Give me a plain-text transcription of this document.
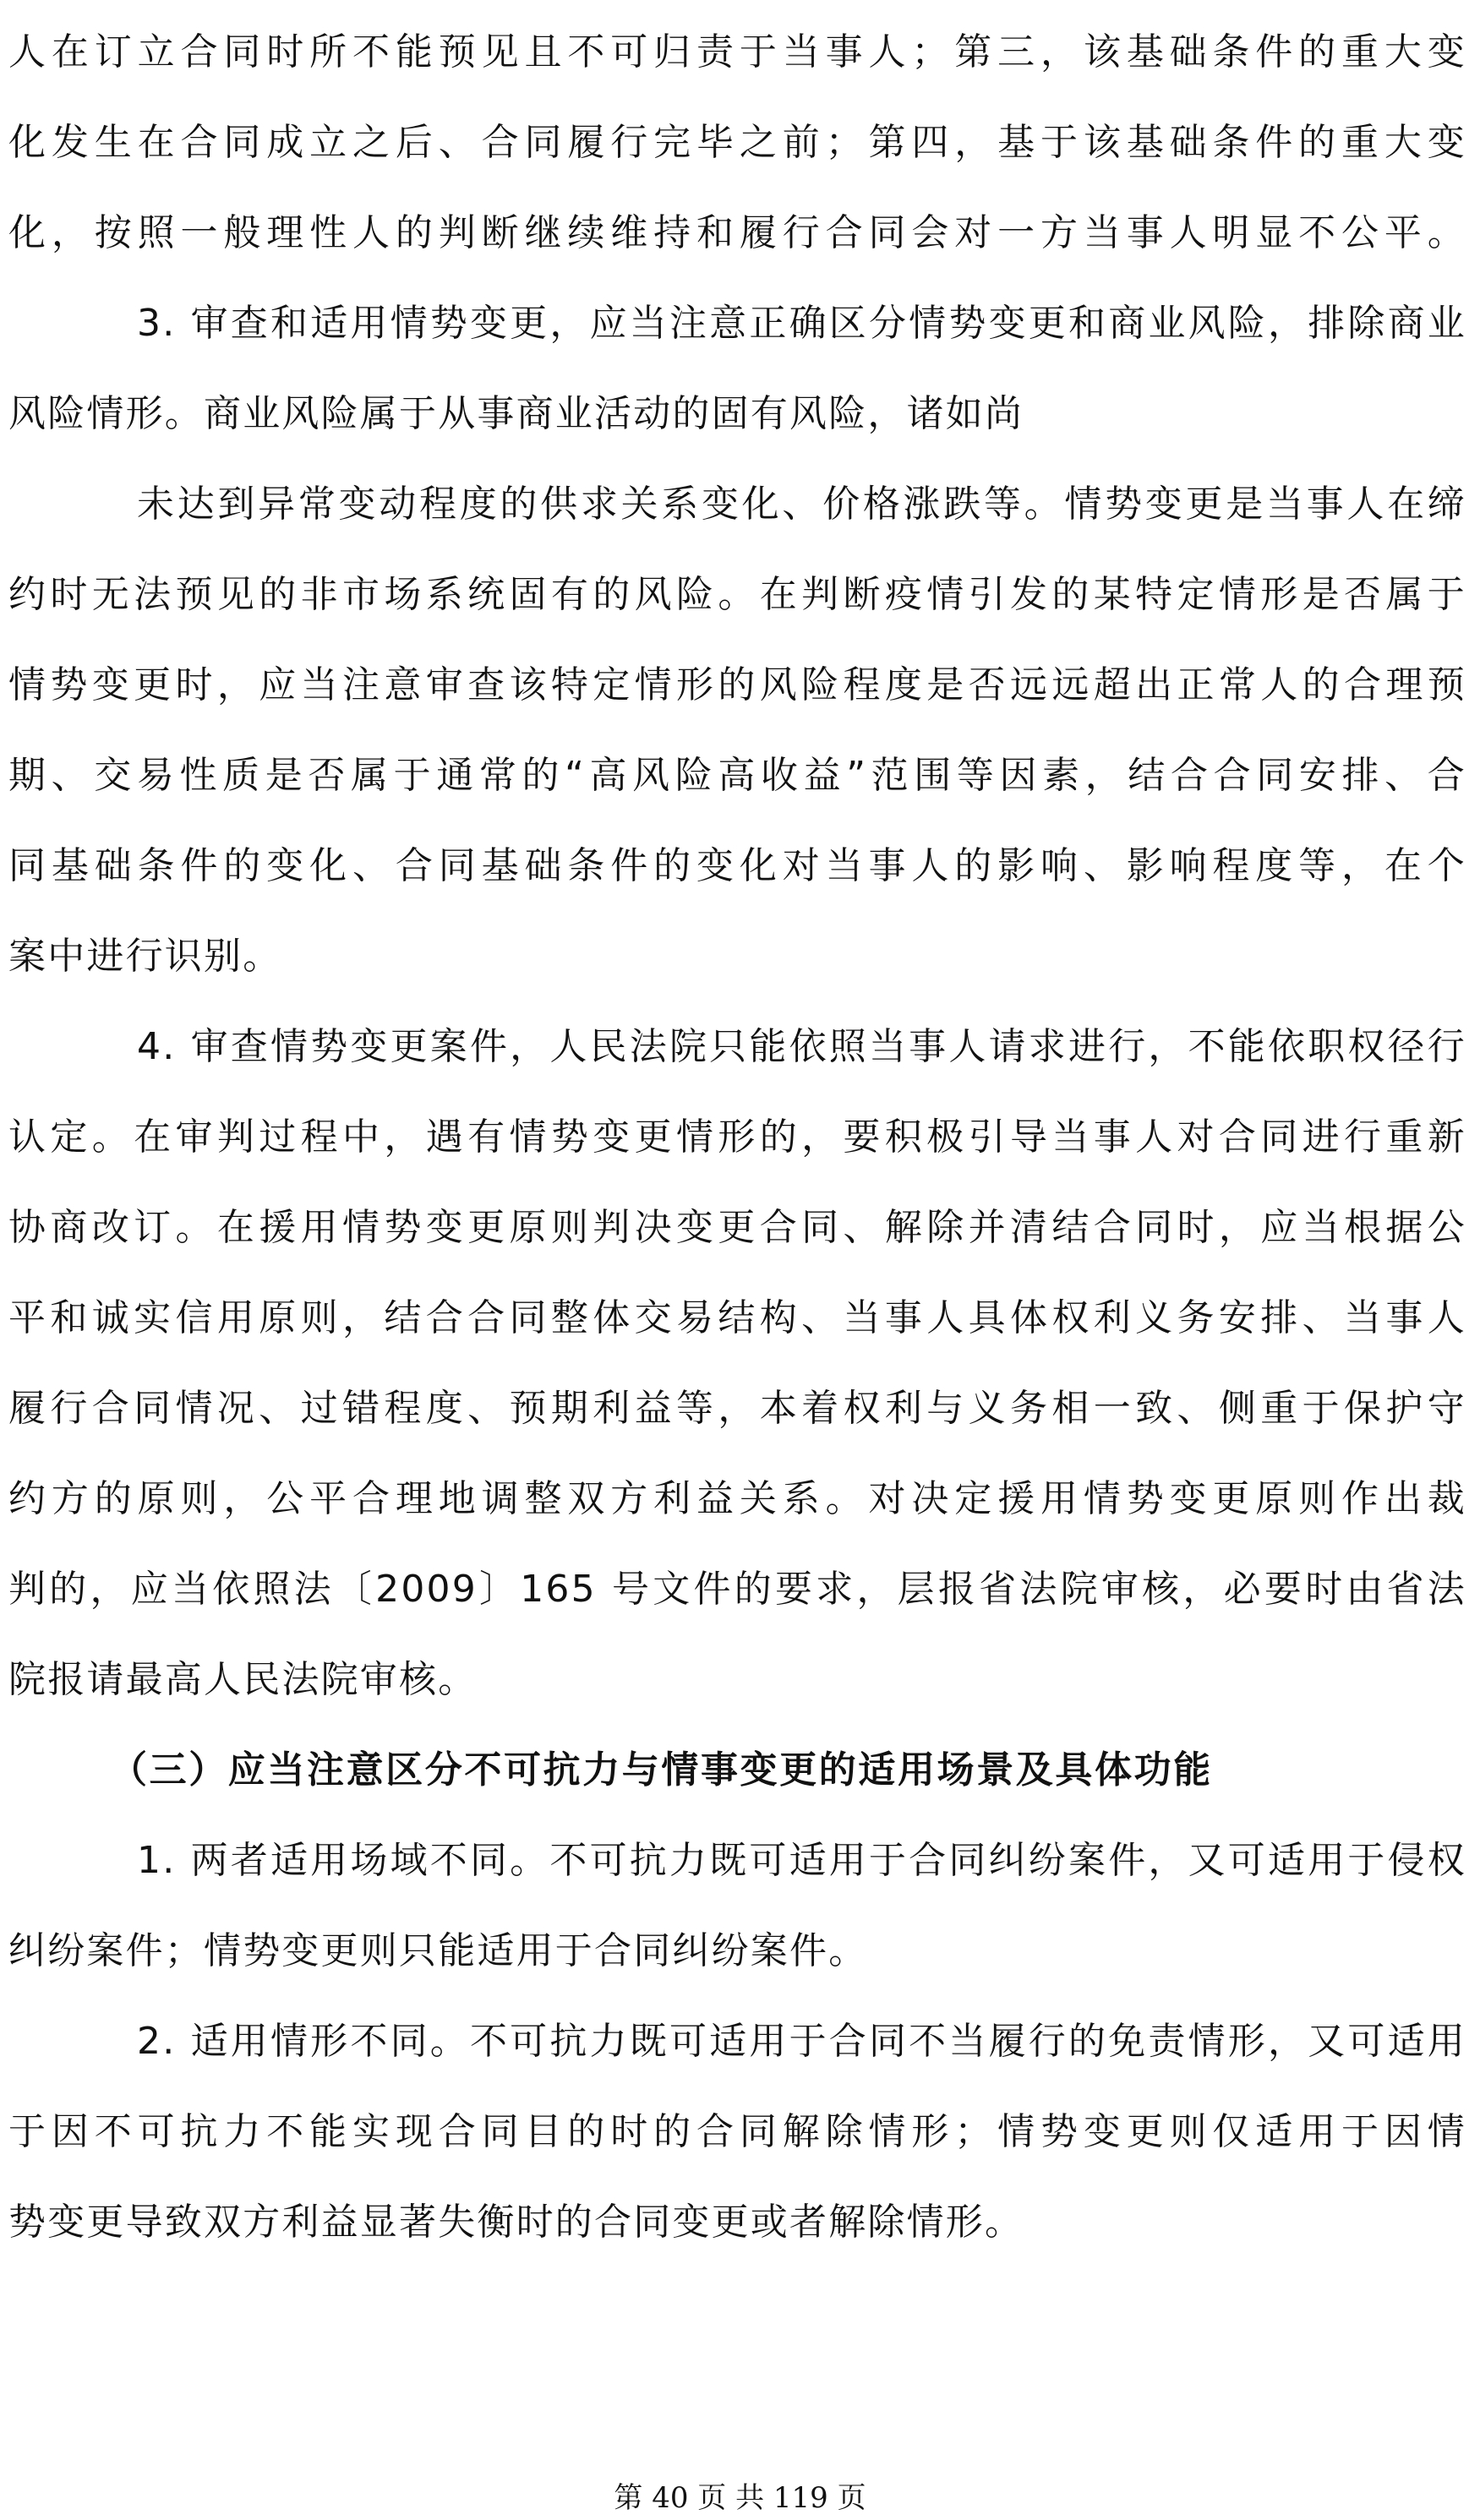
人在订立合同时所不能预见且不可归责于当事人；第三，该基础条件的重大变
化发生在合同成立之后、合同履行完毕之前；第四，基于该基础条件的重大变
化，按照一般理性人的判断继续维持和履行合同会对一方当事人明显不公平。
3. 审查和适用情势变更，应当注意正确区分情势变更和商业风险，排除商业
风险情形。商业风险属于从事商业活动的固有风险，诸如尚
未达到异常变动程度的供求关系变化、价格涨跌等。情势变更是当事人在缔
约时无法预见的非市场系统固有的风险。在判断疫情引发的某特定情形是否属于
情势变更时，应当注意审查该特定情形的风险程度是否远远超出正常人的合理预
期、交易性质是否属于通常的“高风险高收益”范围等因素，结合合同安排、合
同基础条件的变化、合同基础条件的变化对当事人的影响、影响程度等，在个
案中进行识别。
4. 审查情势变更案件，人民法院只能依照当事人请求进行，不能依职权径行
认定。在审判过程中，遇有情势变更情形的，要积极引导当事人对合同进行重新
协商改订。在援用情势变更原则判决变更合同、解除并清结合同时，应当根据公
平和诚实信用原则，结合合同整体交易结构、当事人具体权利义务安排、当事人
履行合同情况、过错程度、预期利益等，本着权利与义务相一致、侧重于保护守
约方的原则，公平合理地调整双方利益关系。对决定援用情势变更原则作出裁
判的，应当依照法〔2009〕165 号文件的要求，层报省法院审核，必要时由省法
院报请最高人民法院审核。
（三）应当注意区分不可抗力与情事变更的适用场景及具体功能
1. 两者适用场域不同。不可抗力既可适用于合同纠纷案件，又可适用于侵权
纠纷案件；情势变更则只能适用于合同纠纷案件。
2. 适用情形不同。不可抗力既可适用于合同不当履行的免责情形，又可适用
于因不可抗力不能实现合同目的时的合同解除情形；情势变更则仅适用于因情
势变更导致双方利益显著失衡时的合同变更或者解除情形。
第 40 页 共 119 页
